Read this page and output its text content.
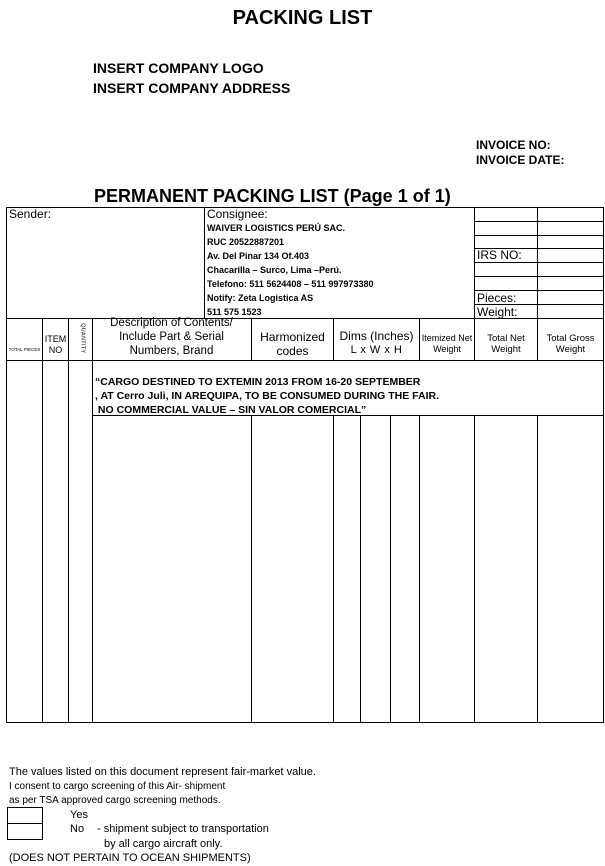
PACKING LIST
INSERT COMPANY LOGO
INSERT COMPANY ADDRESS
INVOICE NO:
INVOICE DATE:
PERMANENT PACKING LIST (Page 1 of 1)
Sender:	Consignee:
WAIVER LOGISTICS PERÚ SAC.
RUC 20522887201
Av. Del Pinar 134 Of.403
Chacarilla – Surco, Lima –Perú.
Telefono: 511 5624408 – 511 997973380
Notify: Zeta Logistica AS
511 575 1523
IRS NO:
Pieces:
Weight:
TOTAL PIECES
ITEM NO	QUANTITY
Description of Contents/ Include Part & Serial Numbers, Brand
Harmonized codes
Dims (Inches)
L x W x H
Itemized Net Weight
Total Net Weight
Total Gross Weight
“CARGO DESTINED TO EXTEMIN 2013 FROM 16-20 SEPTEMBER
, AT Cerro Juli, IN AREQUIPA, TO BE CONSUMED DURING THE FAIR.
NO COMMERCIAL VALUE – SIN VALOR COMERCIAL”
The values listed on this document represent fair-market value.
I consent to cargo screening of this Air- shipment
as per TSA approved cargo screening methods.
Yes
No - shipment subject to transportation
by all cargo aircraft only.
(DOES NOT PERTAIN TO OCEAN SHIPMENTS)
